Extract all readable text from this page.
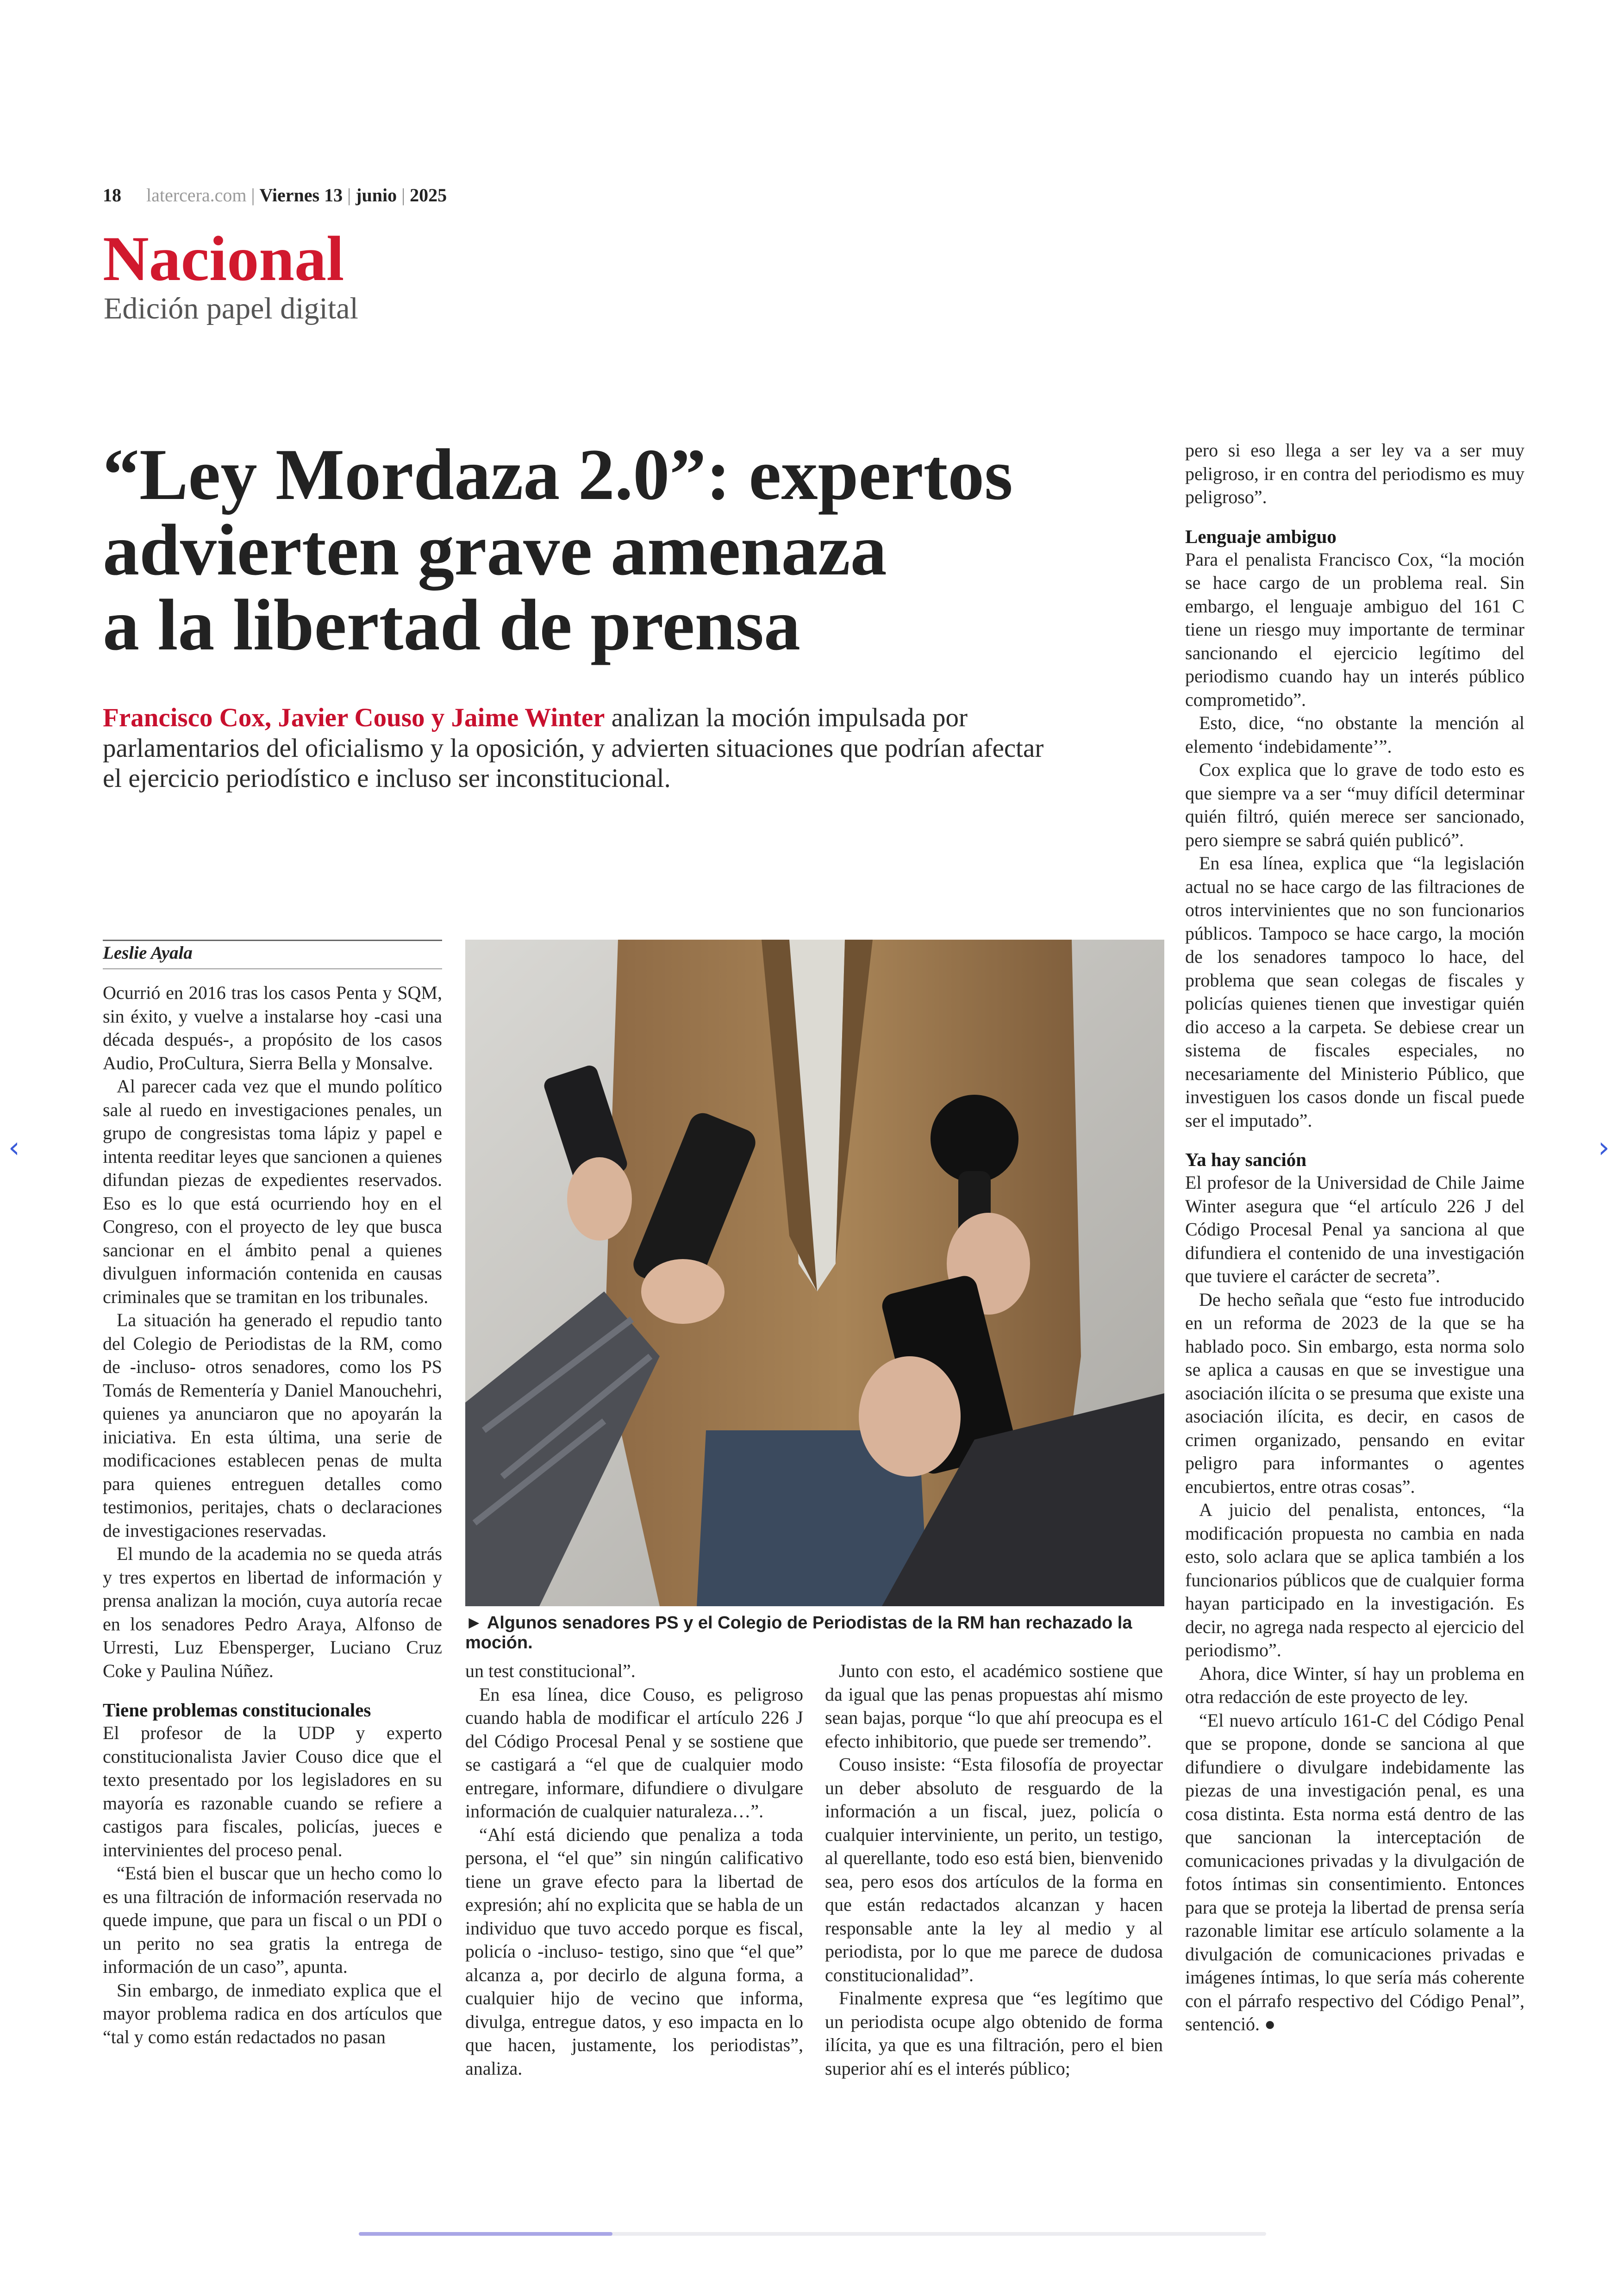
18 latercera.com | Viernes 13 | junio | 2025
Nacional
Edición papel digital
“Ley Mordaza 2.0”: expertos
advierten grave amenaza
a la libertad de prensa
Francisco Cox, Javier Couso y Jaime Winter analizan la moción impulsada por parlamentarios del oficialismo y la oposición, y advierten situaciones que podrían afectar el ejercicio periodístico e incluso ser inconstitucional.
Leslie Ayala

Ocurrió en 2016 tras los casos Penta y SQM, sin éxito, y vuelve a instalarse hoy -casi una década después-, a propósito de los casos Audio, ProCultura, Sierra Bella y Monsalve.

Al parecer cada vez que el mundo político sale al ruedo en investigaciones penales, un grupo de congresistas toma lápiz y papel e intenta reeditar leyes que sancionen a quienes difundan piezas de expedientes reservados. Eso es lo que está ocurriendo hoy en el Congreso, con el proyecto de ley que busca sancionar en el ámbito penal a quienes divulguen información contenida en causas criminales que se tramitan en los tribunales.

La situación ha generado el repudio tanto del Colegio de Periodistas de la RM, como de -incluso- otros senadores, como los PS Tomás de Rementería y Daniel Manouchehri, quienes ya anunciaron que no apoyarán la iniciativa. En esta última, una serie de modificaciones establecen penas de multa para quienes entreguen detalles como testimonios, peritajes, chats o declaraciones de investigaciones reservadas.

El mundo de la academia no se queda atrás y tres expertos en libertad de información y prensa analizan la moción, cuya autoría recae en los senadores Pedro Araya, Alfonso de Urresti, Luz Ebensperger, Luciano Cruz Coke y Paulina Núñez.

Tiene problemas constitucionales

El profesor de la UDP y experto constitucionalista Javier Couso dice que el texto presentado por los legisladores en su mayoría es razonable cuando se refiere a castigos para fiscales, policías, jueces e intervinientes del proceso penal.

“Está bien el buscar que un hecho como lo es una filtración de información reservada no quede impune, que para un fiscal o un PDI o un perito no sea gratis la entrega de información de un caso”, apunta.

Sin embargo, de inmediato explica que el mayor problema radica en dos artículos que “tal y como están redactados no pasan

► Algunos senadores PS y el Colegio de Periodistas de la RM han rechazado la moción.

un test constitucional”.

En esa línea, dice Couso, es peligroso cuando habla de modificar el artículo 226 J del Código Procesal Penal y se sostiene que se castigará a “el que de cualquier modo entregare, informare, difundiere o divulgare información de cualquier naturaleza…”.

“Ahí está diciendo que penaliza a toda persona, el “el que” sin ningún calificativo tiene un grave efecto para la libertad de expresión; ahí no explicita que se habla de un individuo que tuvo accedo porque es fiscal, policía o -incluso- testigo, sino que “el que” alcanza a, por decirlo de alguna forma, a cualquier hijo de vecino que informa, divulga, entregue datos, y eso impacta en lo que hacen, justamente, los periodistas”, analiza.

Junto con esto, el académico sostiene que da igual que las penas propuestas ahí mismo sean bajas, porque “lo que ahí preocupa es el efecto inhibitorio, que puede ser tremendo”.

Couso insiste: “Esta filosofía de proyectar un deber absoluto de resguardo de la información a un fiscal, juez, policía o cualquier interviniente, un perito, un testigo, al querellante, todo eso está bien, bienvenido sea, pero esos dos artículos de la forma en que están redactados alcanzan y hacen responsable ante la ley al medio y al periodista, por lo que me parece de dudosa constitucionalidad”.

Finalmente expresa que “es legítimo que un periodista ocupe algo obtenido de forma ilícita, ya que es una filtración, pero el bien superior ahí es el interés público;

pero si eso llega a ser ley va a ser muy peligroso, ir en contra del periodismo es muy peligroso”.

Lenguaje ambiguo

Para el penalista Francisco Cox, “la moción se hace cargo de un problema real. Sin embargo, el lenguaje ambiguo del 161 C tiene un riesgo muy importante de terminar sancionando el ejercicio legítimo del periodismo cuando hay un interés público comprometido”.

Esto, dice, “no obstante la mención al elemento ‘indebidamente’”.

Cox explica que lo grave de todo esto es que siempre va a ser “muy difícil determinar quién filtró, quién merece ser sancionado, pero siempre se sabrá quién publicó”.

En esa línea, explica que “la legislación actual no se hace cargo de las filtraciones de otros intervinientes que no son funcionarios públicos. Tampoco se hace cargo, la moción de los senadores tampoco lo hace, del problema que sean colegas de fiscales y policías quienes tienen que investigar quién dio acceso a la carpeta. Se debiese crear un sistema de fiscales especiales, no necesariamente del Ministerio Público, que investiguen los casos donde un fiscal puede ser el imputado”.

Ya hay sanción

El profesor de la Universidad de Chile Jaime Winter asegura que “el artículo 226 J del Código Procesal Penal ya sanciona al que difundiera el contenido de una investigación que tuviere el carácter de secreta”.

De hecho señala que “esto fue introducido en un reforma de 2023 de la que se ha hablado poco. Sin embargo, esta norma solo se aplica a causas en que se investigue una asociación ilícita o se presuma que existe una asociación ilícita, es decir, en casos de crimen organizado, pensando en evitar peligro para informantes o agentes encubiertos, entre otras cosas”.

A juicio del penalista, entonces, “la modificación propuesta no cambia en nada esto, solo aclara que se aplica también a los funcionarios públicos que de cualquier forma hayan participado en la investigación. Es decir, no agrega nada respecto al ejercicio del periodismo”.

Ahora, dice Winter, sí hay un problema en otra redacción de este proyecto de ley.

“El nuevo artículo 161-C del Código Penal que se propone, donde se sanciona al que difundiere o divulgare indebidamente las piezas de una investigación penal, es una cosa distinta. Esta norma está dentro de las que sancionan la interceptación de comunicaciones privadas y la divulgación de fotos íntimas sin consentimiento. Entonces para que se proteja la libertad de prensa sería razonable limitar ese artículo solamente a la divulgación de comunicaciones privadas e imágenes íntimas, lo que sería más coherente con el párrafo respectivo del Código Penal”, sentenció. ●

‹	›
